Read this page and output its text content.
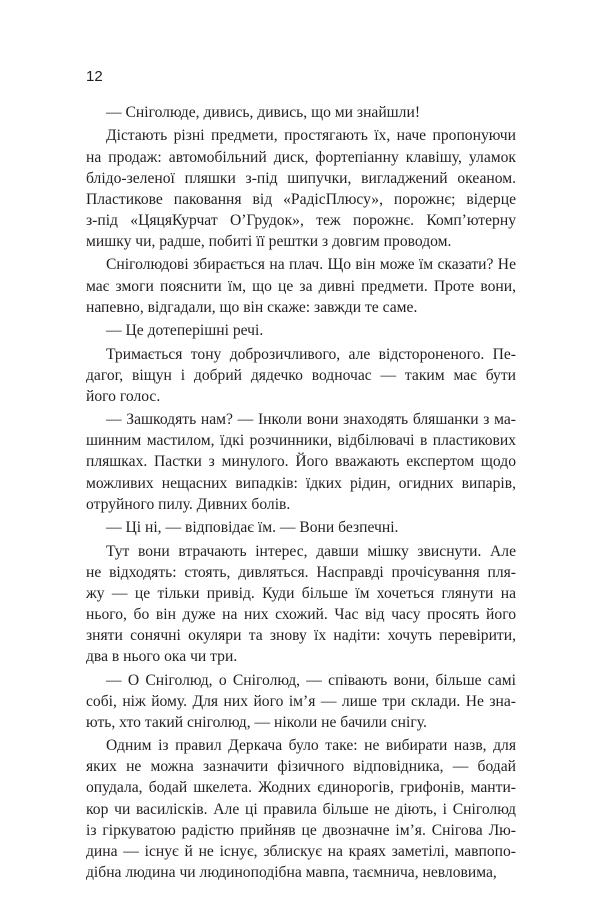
12
— Сніголюде, дивись, дивись, що ми знайшли!
Дістають різні предмети, простягають їх, наче пропонуючи
на продаж: автомобільний диск, фортепіанну клавішу, уламок
блідо-зеленої пляшки з-під шипучки, вигладжений океаном.
Пластикове паковання від «РадісПлюсу», порожнє; відерце
з-під «ЦяцяКурчат О’Грудок», теж порожнє. Комп’ютерну
мишку чи, радше, побиті її рештки з довгим проводом.
Сніголюдові збирається на плач. Що він може їм сказати? Не
має змоги пояснити їм, що це за дивні предмети. Проте вони,
напевно, відгадали, що він скаже: завжди те саме.
— Це дотеперішні речі.
Тримається тону доброзичливого, але відстороненого. Пе-
дагог, віщун і добрий дядечко водночас — таким має бути
його голос.
— Зашкодять нам? — Інколи вони знаходять бляшанки з ма-
шинним мастилом, їдкі розчинники, відбілювачі в пластикових
пляшках. Пастки з минулого. Його вважають експертом щодо
можливих нещасних випадків: їдких рідин, огидних випарів,
отруйного пилу. Дивних болів.
— Ці ні, — відповідає їм. — Вони безпечні.
Тут вони втрачають інтерес, давши мішку звиснути. Але
не відходять: стоять, дивляться. Насправді прочісування пля-
жу — це тільки привід. Куди більше їм хочеться глянути на
нього, бо він дуже на них схожий. Час від часу просять його
зняти сонячні окуляри та знову їх надіти: хочуть перевірити,
два в нього ока чи три.
— О Сніголюд, о Сніголюд, — співають вони, більше самі
собі, ніж йому. Для них його ім’я — лише три склади. Не зна-
ють, хто такий сніголюд, — ніколи не бачили снігу.
Одним із правил Деркача було таке: не вибирати назв, для
яких не можна зазначити фізичного відповідника, — бодай
опудала, бодай шкелета. Жодних єдинорогів, грифонів, манти-
кор чи василісків. Але ці правила більше не діють, і Сніголюд
із гіркуватою радістю прийняв це двозначне ім’я. Снігова Лю-
дина — існує й не існує, зблискує на краях заметілі, мавпопо-
дібна людина чи людиноподібна мавпа, таємнича, невловима,
